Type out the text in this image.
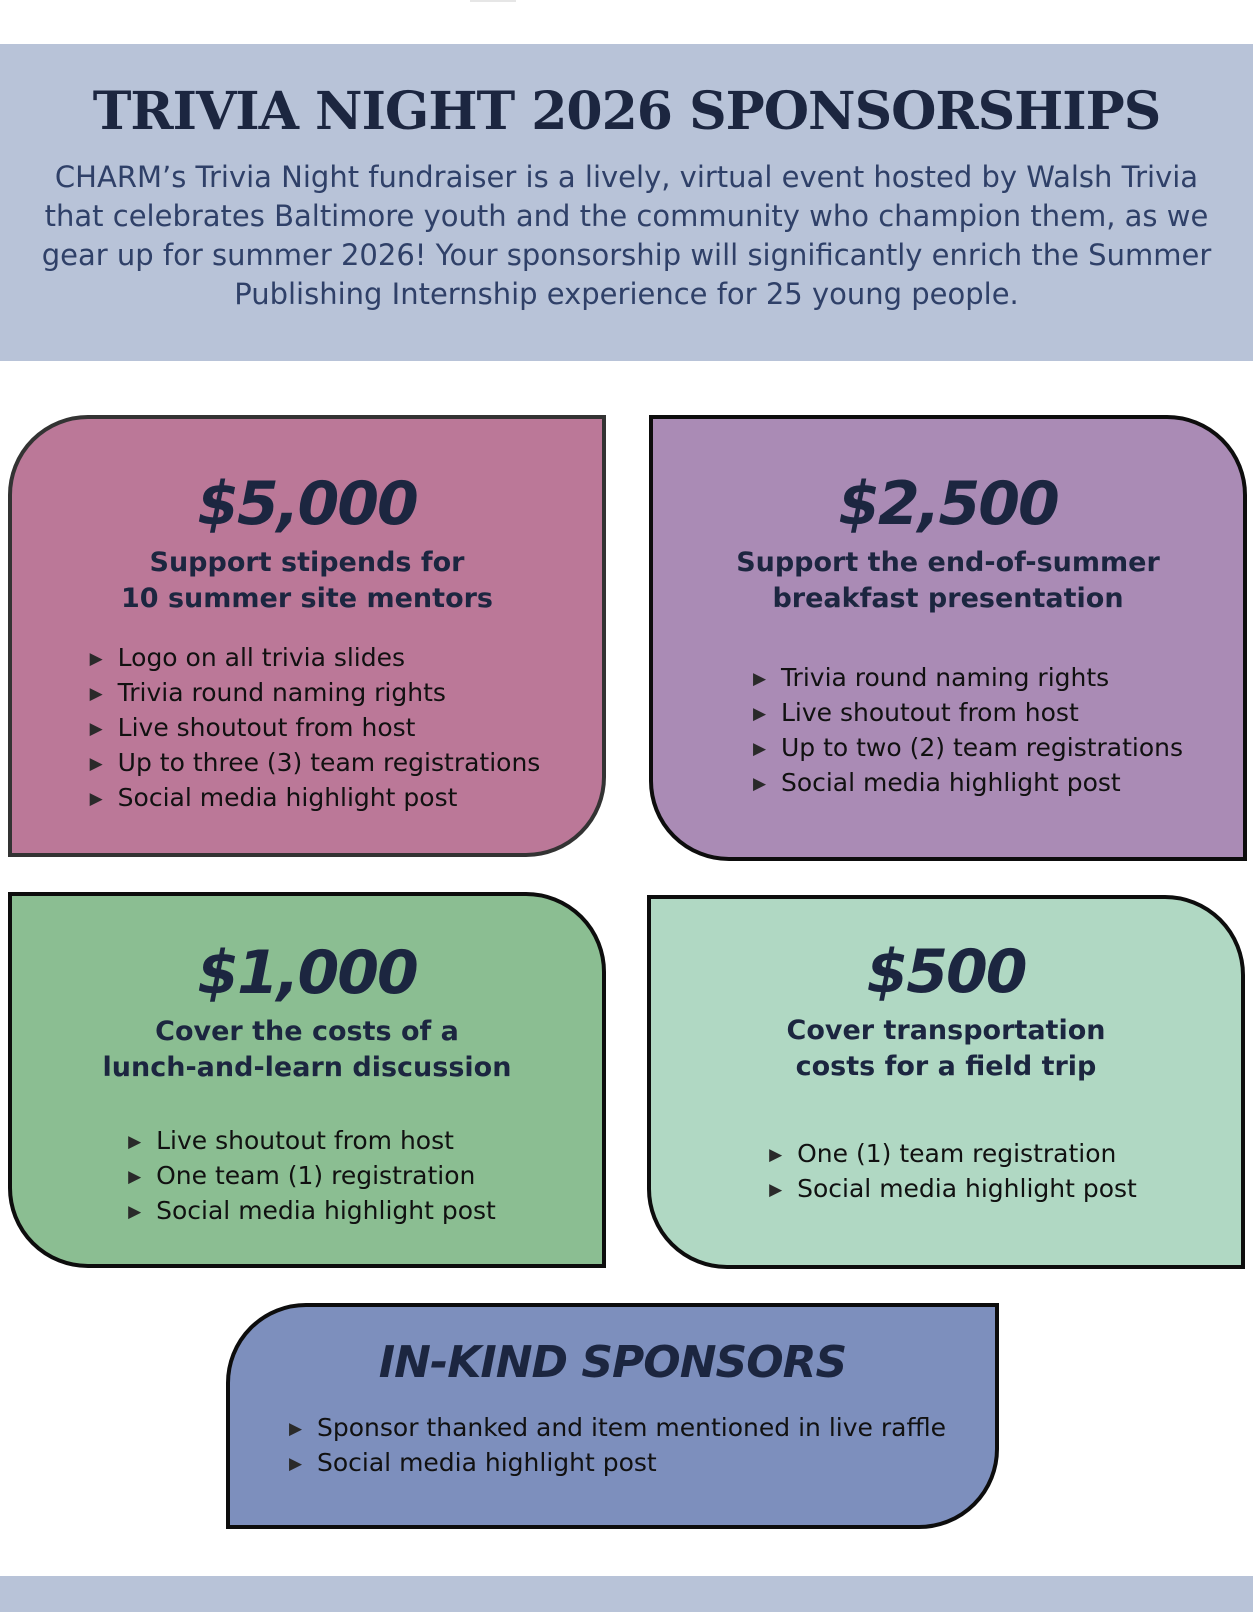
TRIVIA NIGHT 2026 SPONSORSHIPS

CHARM’s Trivia Night fundraiser is a lively, virtual event hosted by Walsh Trivia that celebrates Baltimore youth and the community who champion them, as we gear up for summer 2026! Your sponsorship will significantly enrich the Summer Publishing Internship experience for 25 young people.

$5,000
Support stipends for
10 summer site mentors
▶ Logo on all trivia slides
▶ Trivia round naming rights
▶ Live shoutout from host
▶ Up to three (3) team registrations
▶ Social media highlight post
$2,500
Support the end-of-summer
breakfast presentation
▶ Trivia round naming rights
▶ Live shoutout from host
▶ Up to two (2) team registrations
▶ Social media highlight post
$1,000
Cover the costs of a
lunch-and-learn discussion
▶ Live shoutout from host
▶ One team (1) registration
▶ Social media highlight post
$500
Cover transportation
costs for a field trip
▶ One (1) team registration
▶ Social media highlight post
IN-KIND SPONSORS
▶ Sponsor thanked and item mentioned in live raffle
▶ Social media highlight post
